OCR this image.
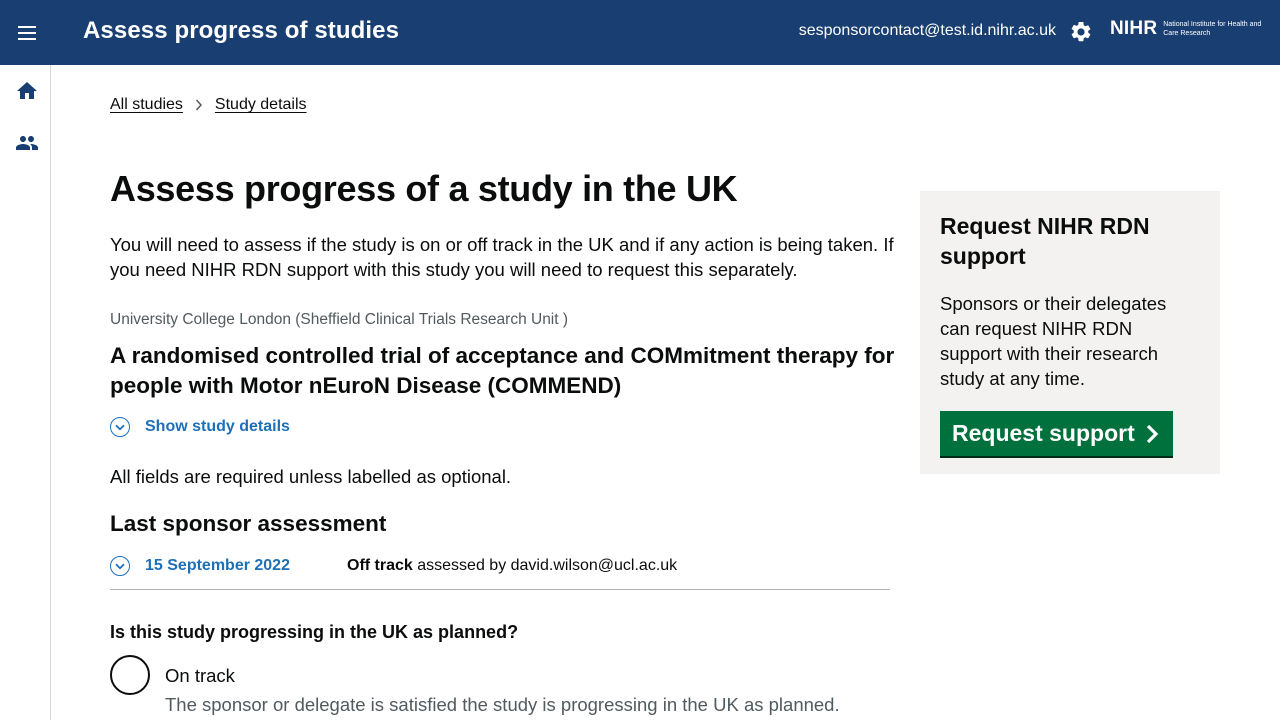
Assess progress of studies	sesponsorcontact@test.id.nihr.ac.uk	NIHR National Institute for Health and Care Research
All studies Study details
Assess progress of a study in the UK

You will need to assess if the study is on or off track in the UK and if any action is being taken. If you need NIHR RDN support with this study you will need to request this separately.

University College London (Sheffield Clinical Trials Research Unit )
A randomised controlled trial of acceptance and COMmitment therapy for people with Motor nEuroN Disease (COMMEND)
Show study details

All fields are required unless labelled as optional.

Last sponsor assessment
15 September 2022	Off track assessed by david.wilson@ucl.ac.uk
Is this study progressing in the UK as planned?
On track
The sponsor or delegate is satisfied the study is progressing in the UK as planned.
Request NIHR RDN support

Sponsors or their delegates can request NIHR RDN support with their research study at any time.

Request support
